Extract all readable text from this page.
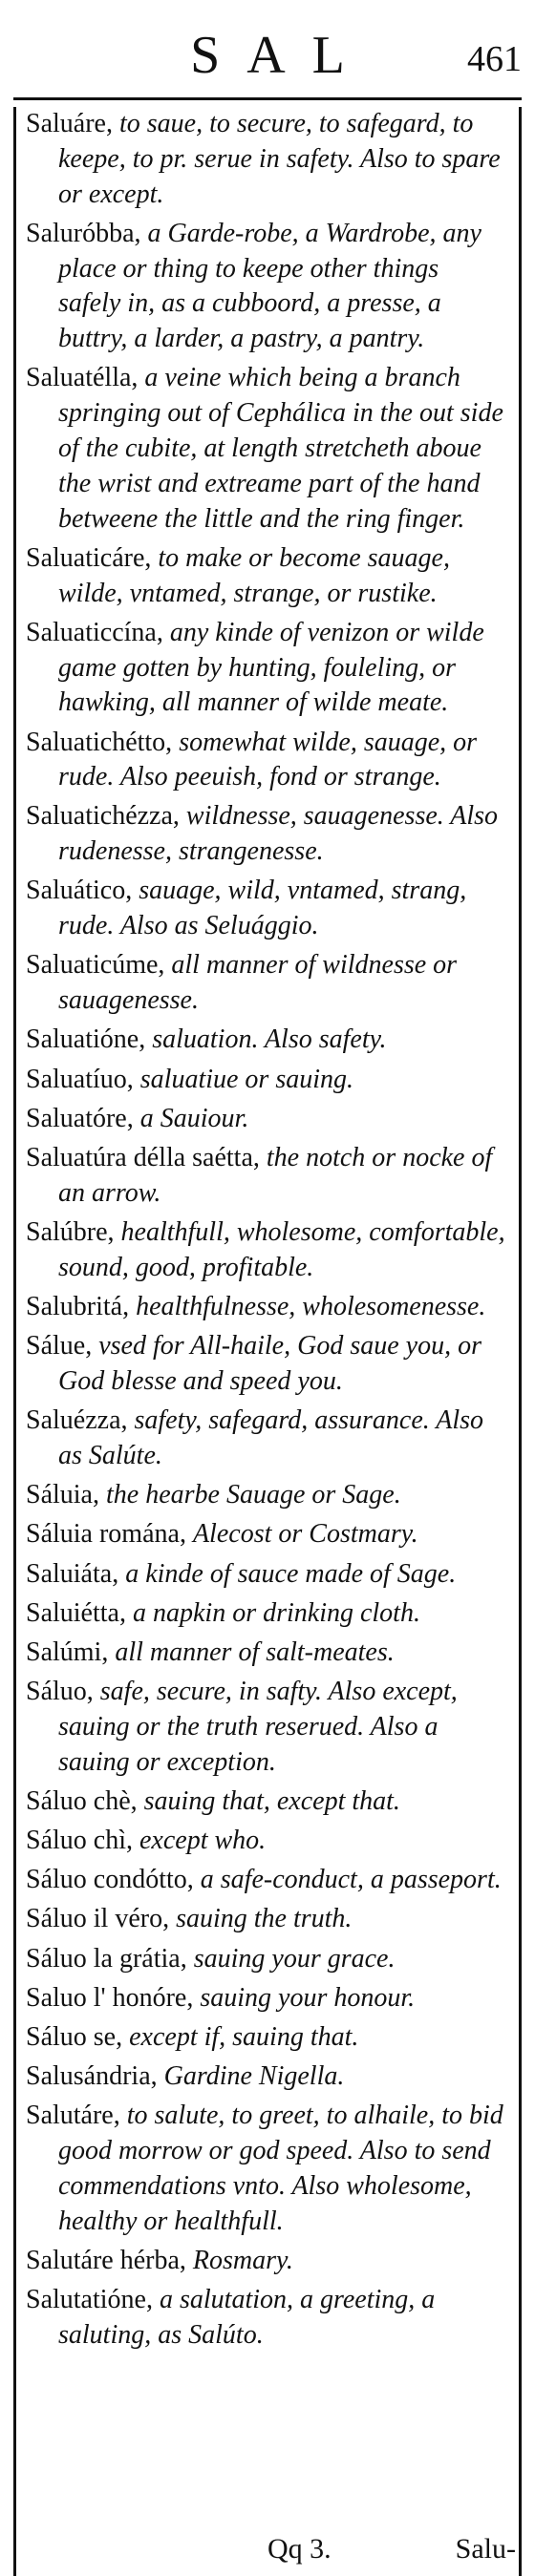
SAL	461
Saluáre, to saue, to secure, to safegard, to keepe, to pr. serue in safety. Also to spare or except.
Saluróbba, a Garde-robe, a Wardrobe, any place or thing to keepe other things safely in, as a cubboord, a presse, a buttry, a larder, a pastry, a pantry.
Saluatélla, a veine which being a branch springing out of Cephálica in the out side of the cubite, at length stretcheth aboue the wrist and extreame part of the hand betweene the little and the ring finger.
Saluaticáre, to make or become sauage, wilde, vntamed, strange, or rustike.
Saluaticcína, any kinde of venizon or wilde game gotten by hunting, fouleling, or hawking, all manner of wilde meate.
Saluatichétto, somewhat wilde, sauage, or rude. Also peeuish, fond or strange.
Saluatichézza, wildnesse, sauagenesse. Also rudenesse, strangenesse.
Saluático, sauage, wild, vntamed, strang, rude. Also as Seluággio.
Saluaticúme, all manner of wildnesse or sauagenesse.
Saluatióne, saluation. Also safety.
Saluatíuo, saluatiue or sauing.
Saluatóre, a Sauiour.
Saluatúra délla saétta, the notch or nocke of an arrow.
Salúbre, healthfull, wholesome, comfortable, sound, good, profitable.
Salubritá, healthfulnesse, wholesomenesse.
Sálue, vsed for All-haile, God saue you, or God blesse and speed you.
Saluézza, safety, safegard, assurance. Also as Salúte.
Sáluia, the hearbe Sauage or Sage.
Sáluia romána, Alecost or Costmary.
Saluiáta, a kinde of sauce made of Sage.
Saluiétta, a napkin or drinking cloth.
Salúmi, all manner of salt-meates.
Sáluo, safe, secure, in safty. Also except, sauing or the truth reserued. Also a sauing or exception.
Sáluo chè, sauing that, except that.
Sáluo chì, except who.
Sáluo condótto, a safe-conduct, a passeport.
Sáluo il véro, sauing the truth.
Sáluo la grátia, sauing your grace.
Saluo l' honóre, sauing your honour.
Sáluo se, except if, sauing that.
Salusándria, Gardine Nigella.
Salutáre, to salute, to greet, to alhaile, to bid good morrow or god speed. Also to send commendations vnto. Also wholesome, healthy or healthfull.
Salutáre hérba, Rosmary.
Salutatióne, a salutation, a greeting, a saluting, as Salúto.
Qq 3.	Salu-
